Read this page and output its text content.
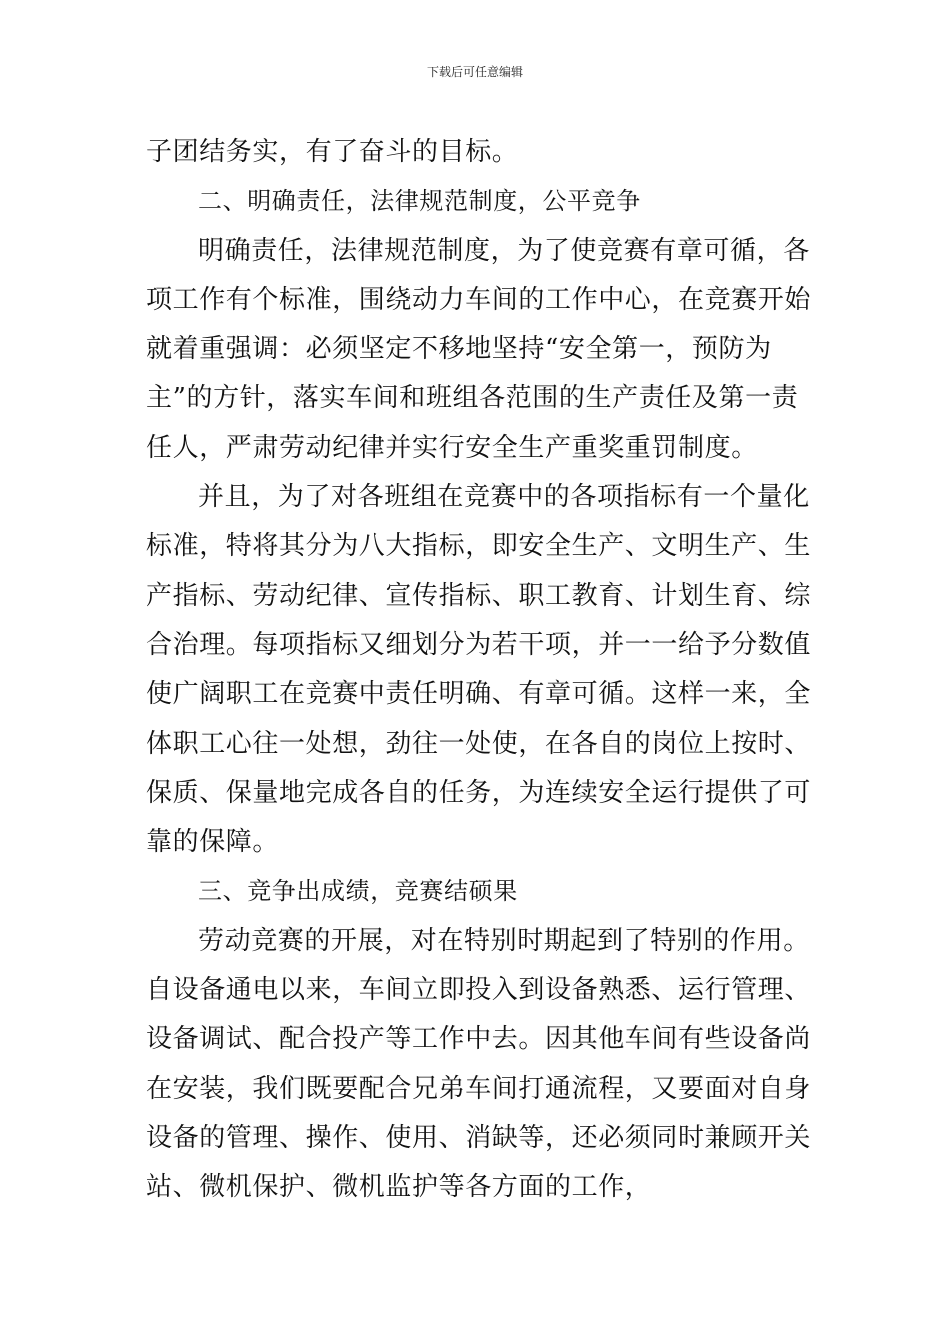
下载后可任意编辑
子团结务实，有了奋斗的目标。
二、明确责任，法律规范制度，公平竞争
明确责任，法律规范制度，为了使竞赛有章可循，各
项工作有个标准，围绕动力车间的工作中心，在竞赛开始
就着重强调：必须坚定不移地坚持“安全第一，预防为
主”的方针，落实车间和班组各范围的生产责任及第一责
任人，严肃劳动纪律并实行安全生产重奖重罚制度。
并且，为了对各班组在竞赛中的各项指标有一个量化
标准，特将其分为八大指标，即安全生产、文明生产、生
产指标、劳动纪律、宣传指标、职工教育、计划生育、综
合治理。每项指标又细划分为若干项，并一一给予分数值
使广阔职工在竞赛中责任明确、有章可循。这样一来，全
体职工心往一处想，劲往一处使，在各自的岗位上按时、
保质、保量地完成各自的任务，为连续安全运行提供了可
靠的保障。
三、竞争出成绩，竞赛结硕果
劳动竞赛的开展，对在特别时期起到了特别的作用。
自设备通电以来，车间立即投入到设备熟悉、运行管理、
设备调试、配合投产等工作中去。因其他车间有些设备尚
在安装，我们既要配合兄弟车间打通流程，又要面对自身
设备的管理、操作、使用、消缺等，还必须同时兼顾开关
站、微机保护、微机监护等各方面的工作，
